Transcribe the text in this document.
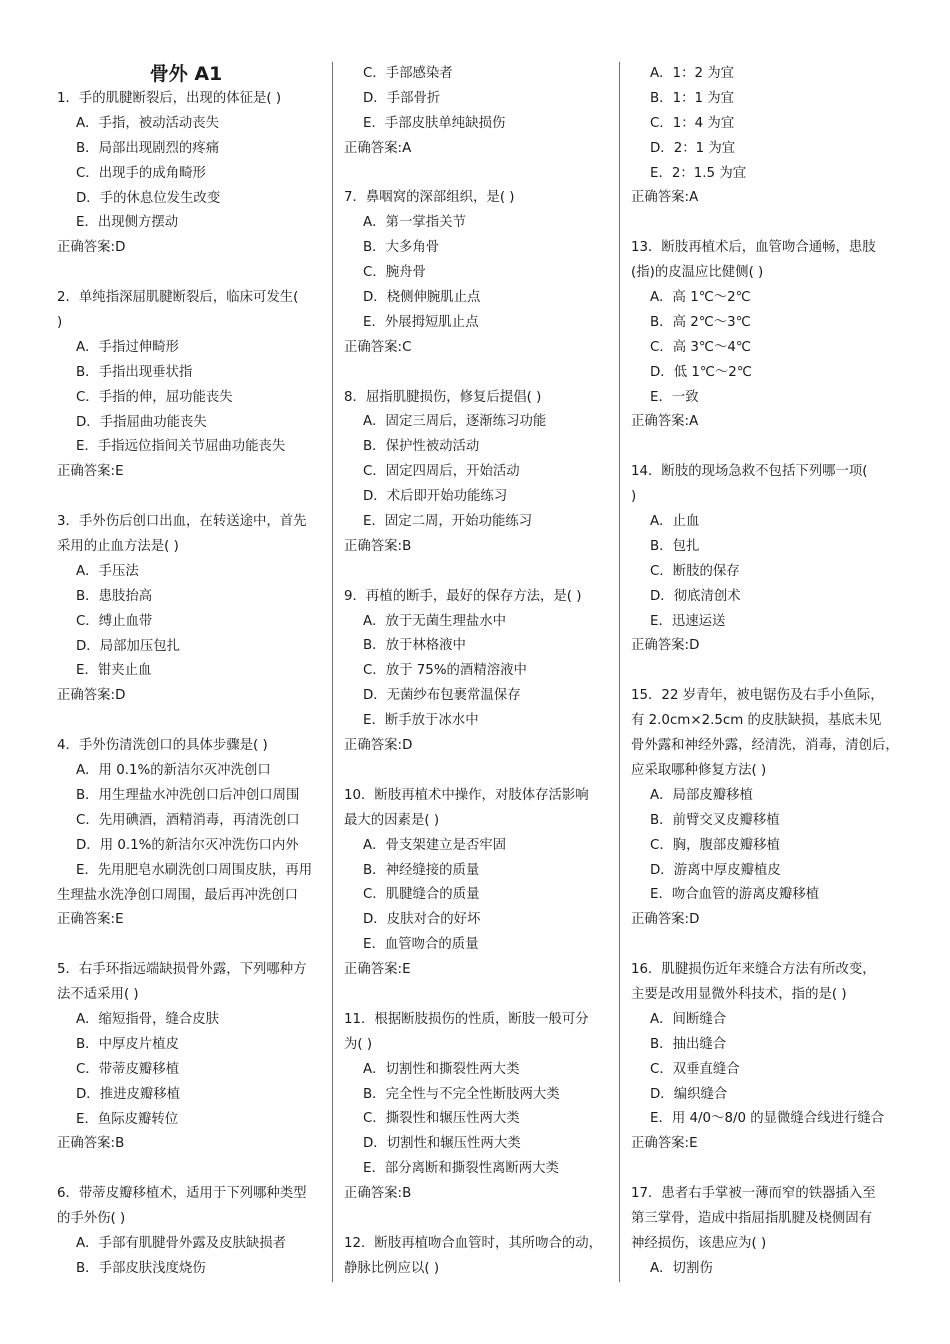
骨外 A1
1．手的肌腱断裂后，出现的体征是( )
A．手指，被动活动丧失
B．局部出现剧烈的疼痛
C．出现手的成角畸形
D．手的休息位发生改变
E．出现侧方摆动
正确答案:D
2．单纯指深屈肌腱断裂后，临床可发生(
)
A．手指过伸畸形
B．手指出现垂状指
C．手指的伸，屈功能丧失
D．手指屈曲功能丧失
E．手指远位指间关节屈曲功能丧失
正确答案:E
3．手外伤后创口出血，在转送途中，首先
采用的止血方法是( )
A．手压法
B．患肢抬高
C．缚止血带
D．局部加压包扎
E．钳夹止血
正确答案:D
4．手外伤清洗创口的具体步骤是( )
A．用 0.1%的新洁尔灭冲洗创口
B．用生理盐水冲洗创口后冲创口周围
C．先用碘酒，酒精消毒，再清洗创口
D．用 0.1%的新洁尔灭冲洗伤口内外
E．先用肥皂水刷洗创口周围皮肤，再用
生理盐水洗净创口周围，最后再冲洗创口
正确答案:E
5．右手环指远端缺损骨外露，下列哪种方
法不适采用( )
A．缩短指骨，缝合皮肤
B．中厚皮片植皮
C．带蒂皮瓣移植
D．推进皮瓣移植
E．鱼际皮瓣转位
正确答案:B
6．带蒂皮瓣移植术，适用于下列哪种类型
的手外伤( )
A．手部有肌腱骨外露及皮肤缺损者
B．手部皮肤浅度烧伤
C．手部感染者
D．手部骨折
E．手部皮肤单纯缺损伤
正确答案:A
7．鼻咽窝的深部组织，是( )
A．第一掌指关节
B．大多角骨
C．腕舟骨
D．桡侧伸腕肌止点
E．外展拇短肌止点
正确答案:C
8．屈指肌腱损伤，修复后提倡( )
A．固定三周后，逐渐练习功能
B．保护性被动活动
C．固定四周后，开始活动
D．术后即开始功能练习
E．固定二周，开始功能练习
正确答案:B
9．再植的断手，最好的保存方法，是( )
A．放于无菌生理盐水中
B．放于林格液中
C．放于 75%的酒精溶液中
D．无菌纱布包裹常温保存
E．断手放于冰水中
正确答案:D
10．断肢再植术中操作，对肢体存活影响
最大的因素是( )
A．骨支架建立是否牢固
B．神经缝接的质量
C．肌腱缝合的质量
D．皮肤对合的好坏
E．血管吻合的质量
正确答案:E
11．根据断肢损伤的性质，断肢一般可分
为( )
A．切割性和撕裂性两大类
B．完全性与不完全性断肢两大类
C．撕裂性和辗压性两大类
D．切割性和辗压性两大类
E．部分离断和撕裂性离断两大类
正确答案:B
12．断肢再植吻合血管时，其所吻合的动，
静脉比例应以( )
A．1：2 为宜
B．1：1 为宜
C．1：4 为宜
D．2：1 为宜
E．2：1.5 为宜
正确答案:A
13．断肢再植术后，血管吻合通畅，患肢
(指)的皮温应比健侧( )
A．高 1℃～2℃
B．高 2℃～3℃
C．高 3℃～4℃
D．低 1℃～2℃
E．一致
正确答案:A
14．断肢的现场急救不包括下列哪一项(
)
A．止血
B．包扎
C．断肢的保存
D．彻底清创术
E．迅速运送
正确答案:D
15．22 岁青年，被电锯伤及右手小鱼际，
有 2.0cm×2.5cm 的皮肤缺损，基底未见
骨外露和神经外露，经清洗，消毒，清创后，
应采取哪种修复方法( )
A．局部皮瓣移植
B．前臂交叉皮瓣移植
C．胸，腹部皮瓣移植
D．游离中厚皮瓣植皮
E．吻合血管的游离皮瓣移植
正确答案:D
16．肌腱损伤近年来缝合方法有所改变，
主要是改用显微外科技术，指的是( )
A．间断缝合
B．抽出缝合
C．双垂直缝合
D．编织缝合
E．用 4/0～8/0 的显微缝合线进行缝合
正确答案:E
17．患者右手掌被一薄而窄的铁器插入至
第三掌骨，造成中指屈指肌腱及桡侧固有
神经损伤，该患应为( )
A．切割伤
